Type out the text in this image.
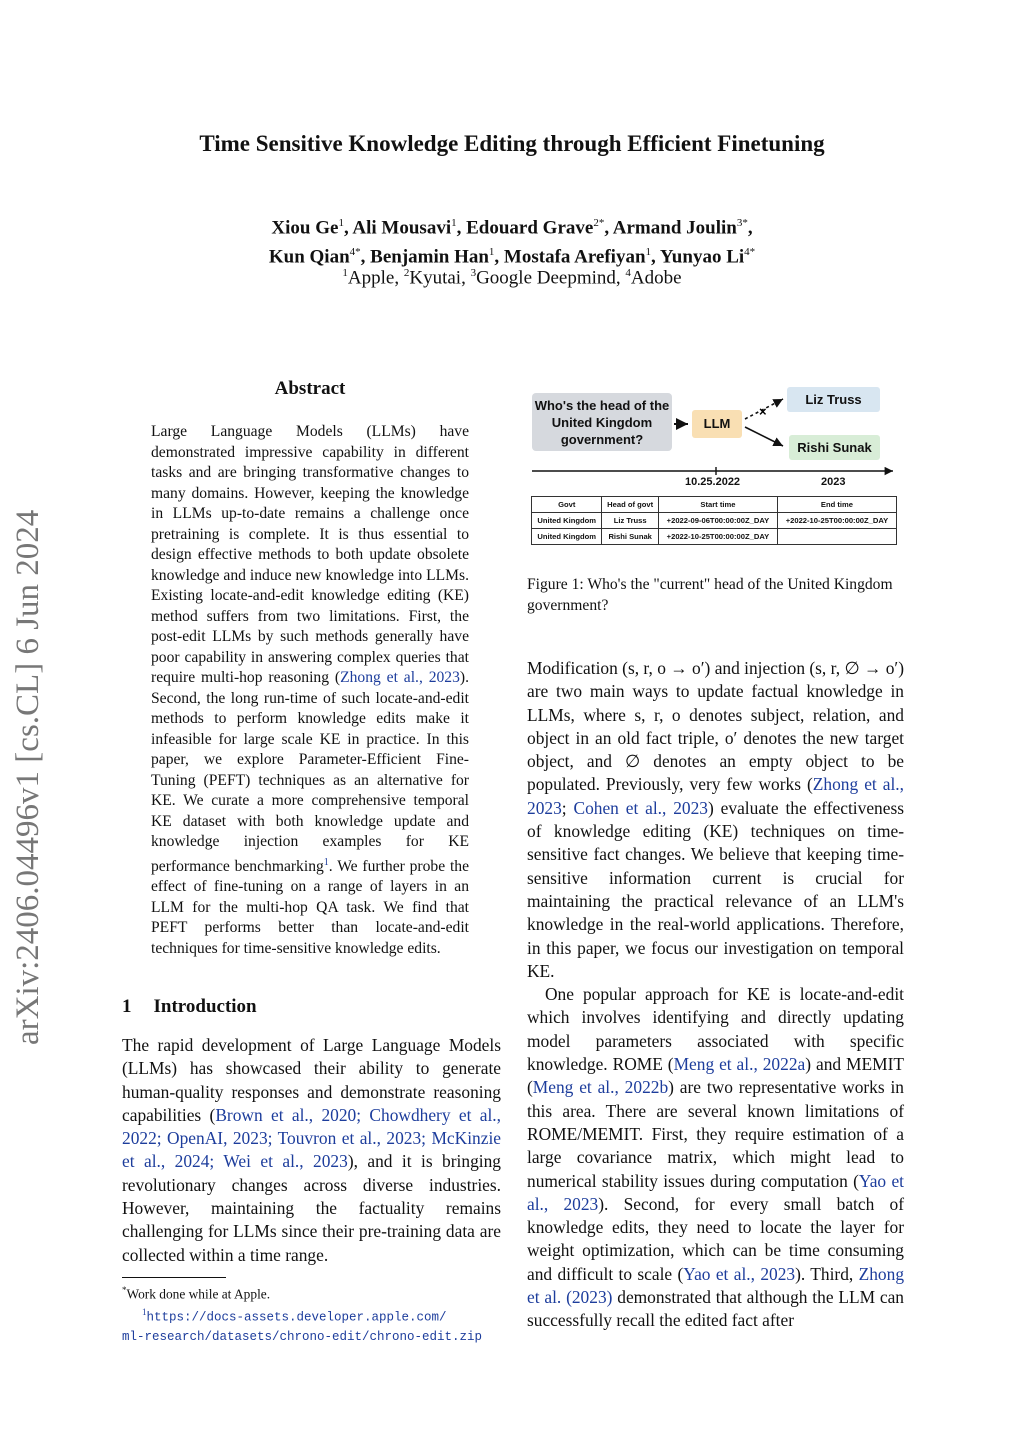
Time Sensitive Knowledge Editing through Efficient Finetuning
Xiou Ge$^1$, Ali Mousavi$^1$, Edouard Grave$^{2*}$, Armand Joulin$^{3*}$,
Kun Qian$^{4*}$, Benjamin Han$^1$, Mostafa Arefiyan$^1$, Yunyao $Li^{4*}$
$^1$Apple, $^2$Kyutai, $^3$Google Deepmind, $^4$Adobe
arXiv:2406.04496v1 [cs.CL] 6 Jun 2024
Abstract
Large Language Models (LLMs) have demonstrated impressive capability in different tasks and are bringing transformative changes to many domains. However, keeping the knowledge in LLMs up-to-date remains a challenge once pretraining is complete. It is thus essential to design effective methods to both update obsolete knowledge and induce new knowledge into LLMs. Existing locate-and-edit knowledge editing (KE) method suffers from two limitations. First, the post-edit LLMs by such methods generally have poor capability in answering complex queries that require multi-hop reasoning (Zhong et al., 2023). Second, the long run-time of such locate-and-edit methods to perform knowledge edits make it infeasible for large scale KE in practice. In this paper, we explore Parameter-Efficient Fine-Tuning (PEFT) techniques as an alternative for KE. We curate a more comprehensive temporal KE dataset with both knowledge update and knowledge injection examples for KE performance benchmarking$^1$. We further probe the effect of fine-tuning on a range of layers in an LLM for the multi-hop QA task. We find that PEFT performs better than locate-and-edit techniques for time-sensitive knowledge edits.
1 Introduction
The rapid development of Large Language Models (LLMs) has showcased their ability to generate human-quality responses and demonstrate reasoning capabilities (Brown et al., 2020; Chowdhery et al., 2022; OpenAI, 2023; Touvron et al., 2023; McKinzie et al., 2024; Wei et al., 2023), and it is bringing revolutionary changes across diverse industries. However, maintaining the factuality remains challenging for LLMs since their pre-training data are collected within a time range.
*Work done while at Apple.
$^1$https://docs-assets.developer.apple.com/
ml-research/datasets/chrono-edit/chrono-edit.zip
×
Who's the head of the United Kingdom government?
LLM
Liz Truss
Rishi Sunak
10.25.2022	2023
Govt	Head of govt	Start time	End time
United Kingdom	Liz Truss	+2022-09-06T00:00:00Z_DAY	+2022-10-25T00:00:00Z_DAY
United Kingdom	Rishi Sunak	+2022-10-25T00:00:00Z_DAY	
Figure 1: Who's the "current" head of the United Kingdom government?

Modification (s, r, o → o′) and injection (s, r, ∅ → o′) are two main ways to update factual knowledge in LLMs, where s, r, o denotes subject, relation, and object in an old fact triple, o′ denotes the new target object, and ∅ denotes an empty object to be populated. Previously, very few works (Zhong et al., 2023; Cohen et al., 2023) evaluate the effectiveness of knowledge editing (KE) techniques on time-sensitive fact changes. We believe that keeping time-sensitive information current is crucial for maintaining the practical relevance of an LLM's knowledge in the real-world applications. Therefore, in this paper, we focus our investigation on temporal KE.

One popular approach for KE is locate-and-edit which involves identifying and directly updating model parameters associated with specific knowledge. ROME (Meng et al., 2022a) and MEMIT (Meng et al., 2022b) are two representative works in this area. There are several known limitations of ROME/MEMIT. First, they require estimation of a large covariance matrix, which might lead to numerical stability issues during computation (Yao et al., 2023). Second, for every small batch of knowledge edits, they need to locate the layer for weight optimization, which can be time consuming and difficult to scale (Yao et al., 2023). Third, Zhong et al. (2023) demonstrated that although the LLM can successfully recall the edited fact after
